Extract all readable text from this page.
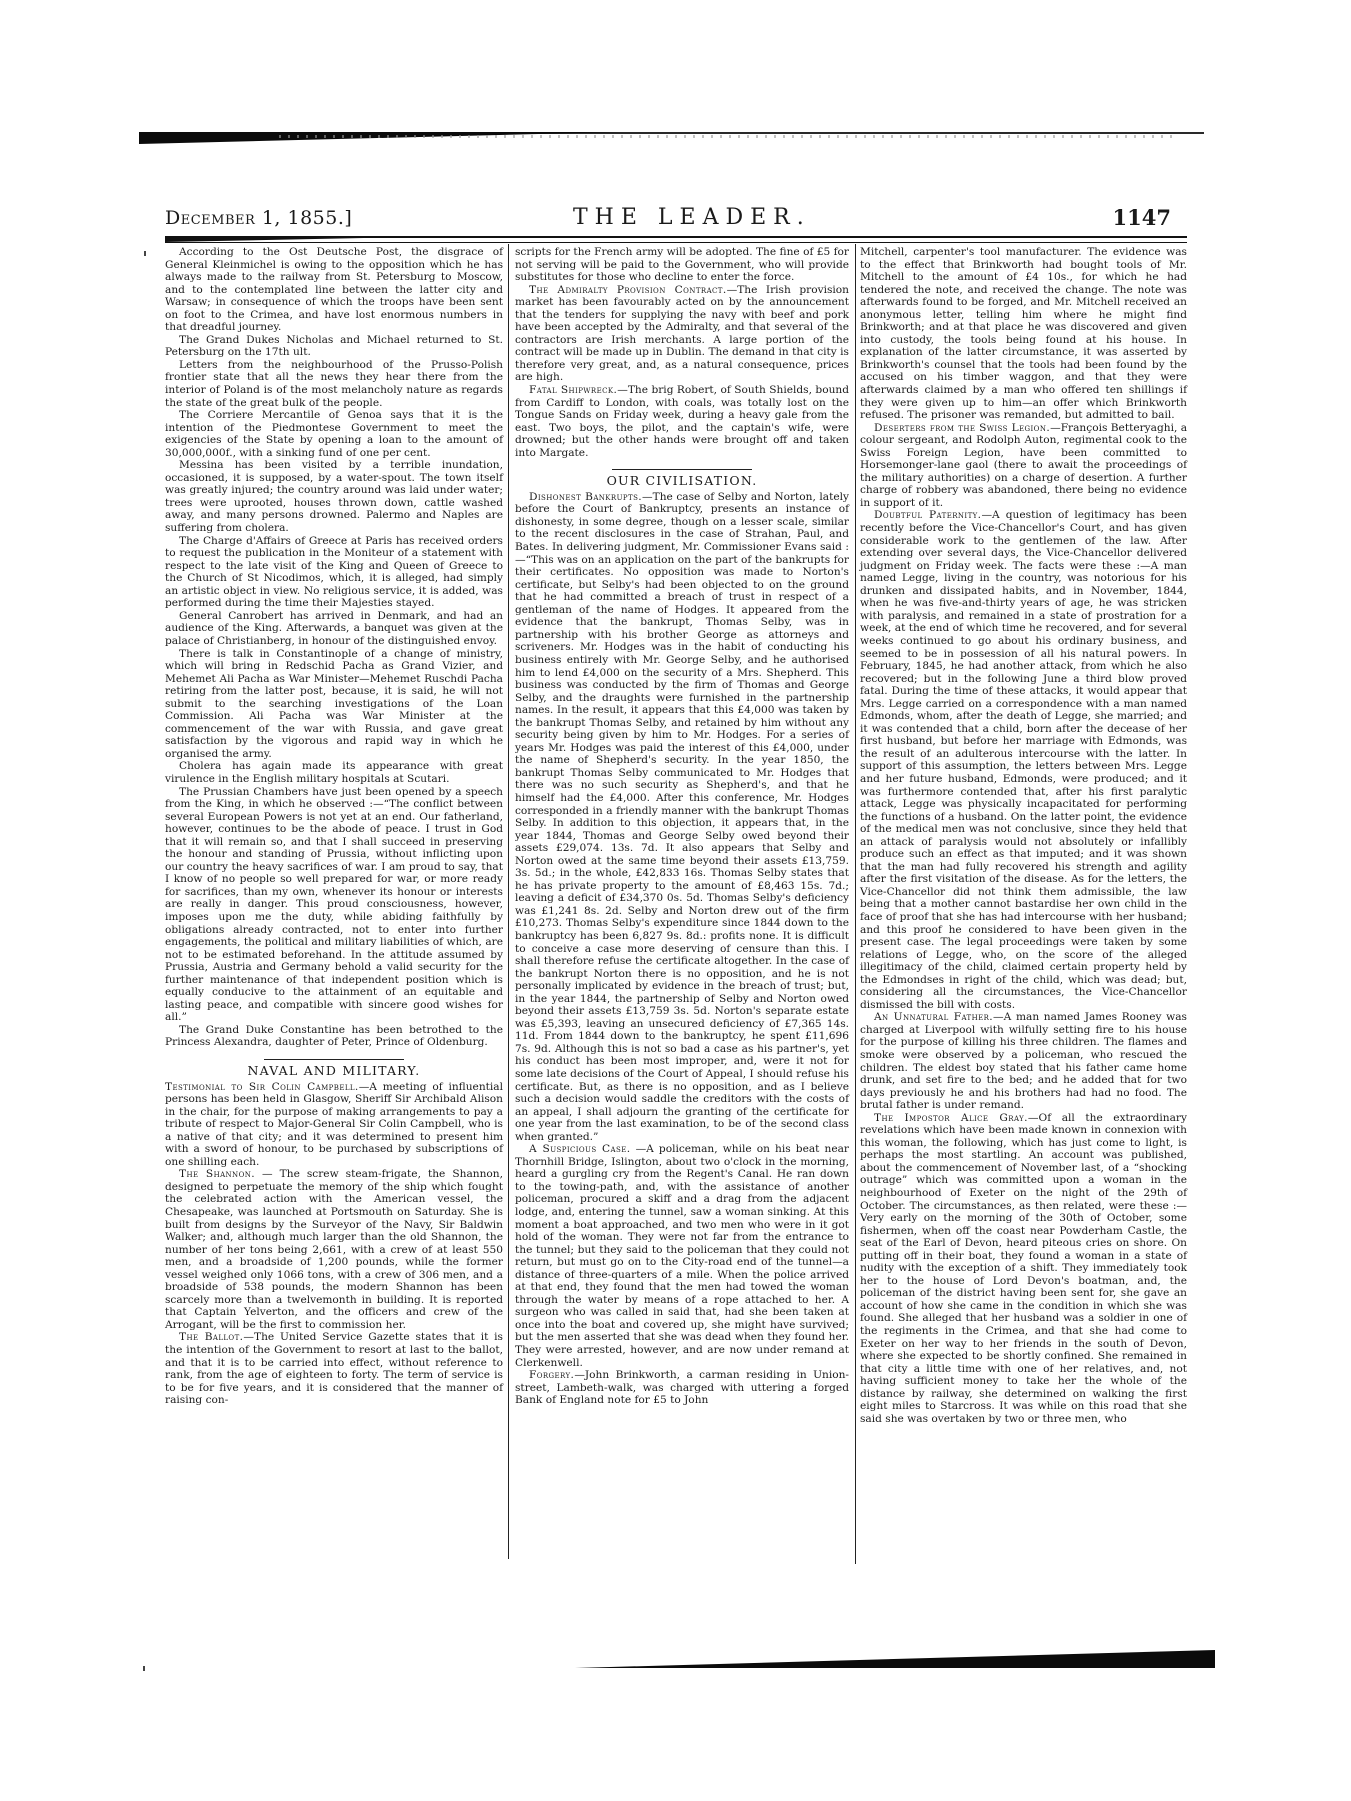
December 1, 1855.]	THE LEADER.	1147

According to the Ost Deutsche Post, the disgrace of General Kleinmichel is owing to the opposition which he has always made to the railway from St. Petersburg to Moscow, and to the contemplated line between the latter city and Warsaw; in consequence of which the troops have been sent on foot to the Crimea, and have lost enormous numbers in that dreadful journey.

The Grand Dukes Nicholas and Michael returned to St. Petersburg on the 17th ult.

Letters from the neighbourhood of the Prusso-Polish frontier state that all the news they hear there from the interior of Poland is of the most melancholy nature as regards the state of the great bulk of the people.

The Corriere Mercantile of Genoa says that it is the intention of the Piedmontese Government to meet the exigencies of the State by opening a loan to the amount of 30,000,000f., with a sinking fund of one per cent.

Messina has been visited by a terrible inundation, occasioned, it is supposed, by a water-spout. The town itself was greatly injured; the country around was laid under water; trees were uprooted, houses thrown down, cattle washed away, and many persons drowned. Palermo and Naples are suffering from cholera.

The Charge d'Affairs of Greece at Paris has received orders to request the publication in the Moniteur of a statement with respect to the late visit of the King and Queen of Greece to the Church of St Nicodimos, which, it is alleged, had simply an artistic object in view. No religious service, it is added, was performed during the time their Majesties stayed.

General Canrobert has arrived in Denmark, and had an audience of the King. Afterwards, a banquet was given at the palace of Christianberg, in honour of the distinguished envoy.

There is talk in Constantinople of a change of ministry, which will bring in Redschid Pacha as Grand Vizier, and Mehemet Ali Pacha as War Minister—Mehemet Ruschdi Pacha retiring from the latter post, because, it is said, he will not submit to the searching investigations of the Loan Commission. Ali Pacha was War Minister at the commencement of the war with Russia, and gave great satisfaction by the vigorous and rapid way in which he organised the army.

Cholera has again made its appearance with great virulence in the English military hospitals at Scutari.

The Prussian Chambers have just been opened by a speech from the King, in which he observed :—“The conflict between several European Powers is not yet at an end. Our fatherland, however, continues to be the abode of peace. I trust in God that it will remain so, and that I shall succeed in preserving the honour and standing of Prussia, without inflicting upon our country the heavy sacrifices of war. I am proud to say, that I know of no people so well prepared for war, or more ready for sacrifices, than my own, whenever its honour or interests are really in danger. This proud consciousness, however, imposes upon me the duty, while abiding faithfully by obligations already contracted, not to enter into further engagements, the political and military liabilities of which, are not to be estimated beforehand. In the attitude assumed by Prussia, Austria and Germany behold a valid security for the further maintenance of that independent position which is equally conducive to the attainment of an equitable and lasting peace, and compatible with sincere good wishes for all.”

The Grand Duke Constantine has been betrothed to the Princess Alexandra, daughter of Peter, Prince of Oldenburg.

NAVAL AND MILITARY.

Testimonial to Sir Colin Campbell.—A meeting of influential persons has been held in Glasgow, Sheriff Sir Archibald Alison in the chair, for the purpose of making arrangements to pay a tribute of respect to Major-General Sir Colin Campbell, who is a native of that city; and it was determined to present him with a sword of honour, to be purchased by subscriptions of one shilling each.

The Shannon. — The screw steam-frigate, the Shannon, designed to perpetuate the memory of the ship which fought the celebrated action with the American vessel, the Chesapeake, was launched at Portsmouth on Saturday. She is built from designs by the Surveyor of the Navy, Sir Baldwin Walker; and, although much larger than the old Shannon, the number of her tons being 2,661, with a crew of at least 550 men, and a broadside of 1,200 pounds, while the former vessel weighed only 1066 tons, with a crew of 306 men, and a broadside of 538 pounds, the modern Shannon has been scarcely more than a twelvemonth in building. It is reported that Captain Yelverton, and the officers and crew of the Arrogant, will be the first to commission her.

The Ballot.—The United Service Gazette states that it is the intention of the Government to resort at last to the ballot, and that it is to be carried into effect, without reference to rank, from the age of eighteen to forty. The term of service is to be for five years, and it is considered that the manner of raising con-

scripts for the French army will be adopted. The fine of £5 for not serving will be paid to the Government, who will provide substitutes for those who decline to enter the force.

The Admiralty Provision Contract.—The Irish provision market has been favourably acted on by the announcement that the tenders for supplying the navy with beef and pork have been accepted by the Admiralty, and that several of the contractors are Irish merchants. A large portion of the contract will be made up in Dublin. The demand in that city is therefore very great, and, as a natural consequence, prices are high.

Fatal Shipwreck.—The brig Robert, of South Shields, bound from Cardiff to London, with coals, was totally lost on the Tongue Sands on Friday week, during a heavy gale from the east. Two boys, the pilot, and the captain's wife, were drowned; but the other hands were brought off and taken into Margate.

OUR CIVILISATION.

Dishonest Bankrupts.—The case of Selby and Norton, lately before the Court of Bankruptcy, presents an instance of dishonesty, in some degree, though on a lesser scale, similar to the recent disclosures in the case of Strahan, Paul, and Bates. In delivering judgment, Mr. Commissioner Evans said :—“This was on an application on the part of the bankrupts for their certificates. No opposition was made to Norton's certificate, but Selby's had been objected to on the ground that he had committed a breach of trust in respect of a gentleman of the name of Hodges. It appeared from the evidence that the bankrupt, Thomas Selby, was in partnership with his brother George as attorneys and scriveners. Mr. Hodges was in the habit of conducting his business entirely with Mr. George Selby, and he authorised him to lend £4,000 on the security of a Mrs. Shepherd. This business was conducted by the firm of Thomas and George Selby, and the draughts were furnished in the partnership names. In the result, it appears that this £4,000 was taken by the bankrupt Thomas Selby, and retained by him without any security being given by him to Mr. Hodges. For a series of years Mr. Hodges was paid the interest of this £4,000, under the name of Shepherd's security. In the year 1850, the bankrupt Thomas Selby communicated to Mr. Hodges that there was no such security as Shepherd's, and that he himself had the £4,000. After this conference, Mr. Hodges corresponded in a friendly manner with the bankrupt Thomas Selby. In addition to this objection, it appears that, in the year 1844, Thomas and George Selby owed beyond their assets £29,074. 13s. 7d. It also appears that Selby and Norton owed at the same time beyond their assets £13,759. 3s. 5d.; in the whole, £42,833 16s. Thomas Selby states that he has private property to the amount of £8,463 15s. 7d.; leaving a deficit of £34,370 0s. 5d. Thomas Selby's deficiency was £1,241 8s. 2d. Selby and Norton drew out of the firm £10,273. Thomas Selby's expenditure since 1844 down to the bankruptcy has been 6,827 9s. 8d.: profits none. It is difficult to conceive a case more deserving of censure than this. I shall therefore refuse the certificate altogether. In the case of the bankrupt Norton there is no opposition, and he is not personally implicated by evidence in the breach of trust; but, in the year 1844, the partnership of Selby and Norton owed beyond their assets £13,759 3s. 5d. Norton's separate estate was £5,393, leaving an unsecured deficiency of £7,365 14s. 11d. From 1844 down to the bankruptcy, he spent £11,696 7s. 9d. Although this is not so bad a case as his partner's, yet his conduct has been most improper, and, were it not for some late decisions of the Court of Appeal, I should refuse his certificate. But, as there is no opposition, and as I believe such a decision would saddle the creditors with the costs of an appeal, I shall adjourn the granting of the certificate for one year from the last examination, to be of the second class when granted.”

A Suspicious Case. —A policeman, while on his beat near Thornhill Bridge, Islington, about two o'clock in the morning, heard a gurgling cry from the Regent's Canal. He ran down to the towing-path, and, with the assistance of another policeman, procured a skiff and a drag from the adjacent lodge, and, entering the tunnel, saw a woman sinking. At this moment a boat approached, and two men who were in it got hold of the woman. They were not far from the entrance to the tunnel; but they said to the policeman that they could not return, but must go on to the City-road end of the tunnel—a distance of three-quarters of a mile. When the police arrived at that end, they found that the men had towed the woman through the water by means of a rope attached to her. A surgeon who was called in said that, had she been taken at once into the boat and covered up, she might have survived; but the men asserted that she was dead when they found her. They were arrested, however, and are now under remand at Clerkenwell.

Forgery.—John Brinkworth, a carman residing in Union-street, Lambeth-walk, was charged with uttering a forged Bank of England note for £5 to John

Mitchell, carpenter's tool manufacturer. The evidence was to the effect that Brinkworth had bought tools of Mr. Mitchell to the amount of £4 10s., for which he had tendered the note, and received the change. The note was afterwards found to be forged, and Mr. Mitchell received an anonymous letter, telling him where he might find Brinkworth; and at that place he was discovered and given into custody, the tools being found at his house. In explanation of the latter circumstance, it was asserted by Brinkworth's counsel that the tools had been found by the accused on his timber waggon, and that they were afterwards claimed by a man who offered ten shillings if they were given up to him—an offer which Brinkworth refused. The prisoner was remanded, but admitted to bail.

Deserters from the Swiss Legion.—François Betteryaghi, a colour sergeant, and Rodolph Auton, regimental cook to the Swiss Foreign Legion, have been committed to Horsemonger-lane gaol (there to await the proceedings of the military authorities) on a charge of desertion. A further charge of robbery was abandoned, there being no evidence in support of it.

Doubtful Paternity.—A question of legitimacy has been recently before the Vice-Chancellor's Court, and has given considerable work to the gentlemen of the law. After extending over several days, the Vice-Chancellor delivered judgment on Friday week. The facts were these :—A man named Legge, living in the country, was notorious for his drunken and dissipated habits, and in November, 1844, when he was five-and-thirty years of age, he was stricken with paralysis, and remained in a state of prostration for a week, at the end of which time he recovered, and for several weeks continued to go about his ordinary business, and seemed to be in possession of all his natural powers. In February, 1845, he had another attack, from which he also recovered; but in the following June a third blow proved fatal. During the time of these attacks, it would appear that Mrs. Legge carried on a correspondence with a man named Edmonds, whom, after the death of Legge, she married; and it was contended that a child, born after the decease of her first husband, but before her marriage with Edmonds, was the result of an adulterous intercourse with the latter. In support of this assumption, the letters between Mrs. Legge and her future husband, Edmonds, were produced; and it was furthermore contended that, after his first paralytic attack, Legge was physically incapacitated for performing the functions of a husband. On the latter point, the evidence of the medical men was not conclusive, since they held that an attack of paralysis would not absolutely or infallibly produce such an effect as that imputed; and it was shown that the man had fully recovered his strength and agility after the first visitation of the disease. As for the letters, the Vice-Chancellor did not think them admissible, the law being that a mother cannot bastardise her own child in the face of proof that she has had intercourse with her husband; and this proof he considered to have been given in the present case. The legal proceedings were taken by some relations of Legge, who, on the score of the alleged illegitimacy of the child, claimed certain property held by the Edmondses in right of the child, which was dead; but, considering all the circumstances, the Vice-Chancellor dismissed the bill with costs.

An Unnatural Father.—A man named James Rooney was charged at Liverpool with wilfully setting fire to his house for the purpose of killing his three children. The flames and smoke were observed by a policeman, who rescued the children. The eldest boy stated that his father came home drunk, and set fire to the bed; and he added that for two days previously he and his brothers had had no food. The brutal father is under remand.

The Impostor Alice Gray.—Of all the extraordinary revelations which have been made known in connexion with this woman, the following, which has just come to light, is perhaps the most startling. An account was published, about the commencement of November last, of a “shocking outrage” which was committed upon a woman in the neighbourhood of Exeter on the night of the 29th of October. The circumstances, as then related, were these :—Very early on the morning of the 30th of October, some fishermen, when off the coast near Powderham Castle, the seat of the Earl of Devon, heard piteous cries on shore. On putting off in their boat, they found a woman in a state of nudity with the exception of a shift. They immediately took her to the house of Lord Devon's boatman, and, the policeman of the district having been sent for, she gave an account of how she came in the condition in which she was found. She alleged that her husband was a soldier in one of the regiments in the Crimea, and that she had come to Exeter on her way to her friends in the south of Devon, where she expected to be shortly confined. She remained in that city a little time with one of her relatives, and, not having sufficient money to take her the whole of the distance by railway, she determined on walking the first eight miles to Starcross. It was while on this road that she said she was overtaken by two or three men, who
